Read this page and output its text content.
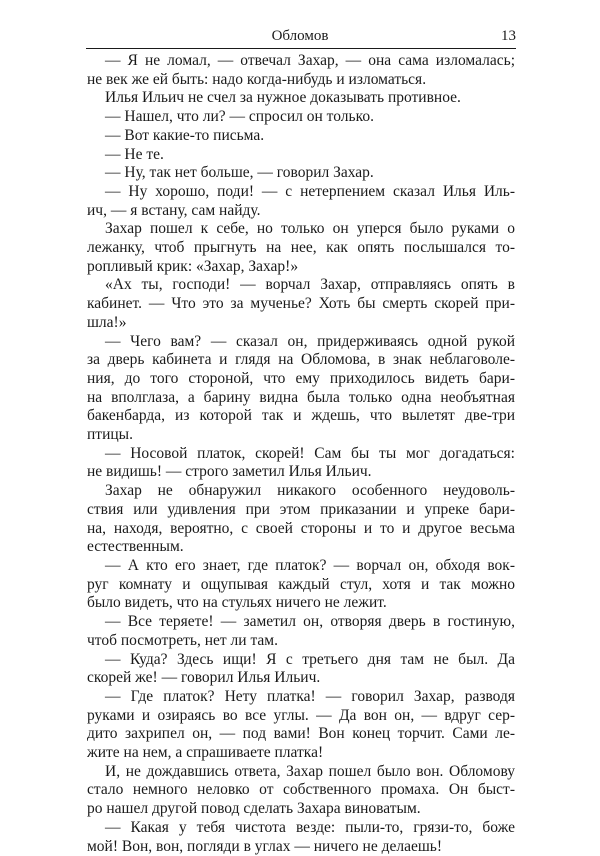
Обломов	13

— Я не ломал, — отвечал Захар, — она сама изломалась;
не век же ей быть: надо когда-нибудь и изломаться.

Илья Ильич не счел за нужное доказывать противное.

— Нашел, что ли? — спросил он только.

— Вот какие-то письма.

— Не те.

— Ну, так нет больше, — говорил Захар.

— Ну хорошо, поди! — с нетерпением сказал Илья Иль-
ич, — я встану, сам найду.

Захар пошел к себе, но только он уперся было руками о
лежанку, чтоб прыгнуть на нее, как опять послышался то-
ропливый крик: «Захар, Захар!»

«Ах ты, господи! — ворчал Захар, отправляясь опять в
кабинет. — Что это за мученье? Хоть бы смерть скорей при-
шла!»

— Чего вам? — сказал он, придерживаясь одной рукой
за дверь кабинета и глядя на Обломова, в знак неблаговоле-
ния, до того стороной, что ему приходилось видеть бари-
на вполглаза, а барину видна была только одна необъятная
бакенбарда, из которой так и ждешь, что вылетят две-три
птицы.

— Носовой платок, скорей! Сам бы ты мог догадаться:
не видишь! — строго заметил Илья Ильич.

Захар не обнаружил никакого особенного неудоволь-
ствия или удивления при этом приказании и упреке бари-
на, находя, вероятно, с своей стороны и то и другое весьма
естественным.

— А кто его знает, где платок? — ворчал он, обходя вок-
руг комнату и ощупывая каждый стул, хотя и так можно
было видеть, что на стульях ничего не лежит.

— Все теряете! — заметил он, отворяя дверь в гостиную,
чтоб посмотреть, нет ли там.

— Куда? Здесь ищи! Я с третьего дня там не был. Да
скорей же! — говорил Илья Ильич.

— Где платок? Нету платка! — говорил Захар, разводя
руками и озираясь во все углы. — Да вон он, — вдруг сер-
дито захрипел он, — под вами! Вон конец торчит. Сами ле-
жите на нем, а спрашиваете платка!

И, не дождавшись ответа, Захар пошел было вон. Обломову
стало немного неловко от собственного промаха. Он быст-
ро нашел другой повод сделать Захара виноватым.

— Какая у тебя чистота везде: пыли-то, грязи-то, боже
мой! Вон, вон, погляди в углах — ничего не делаешь!
